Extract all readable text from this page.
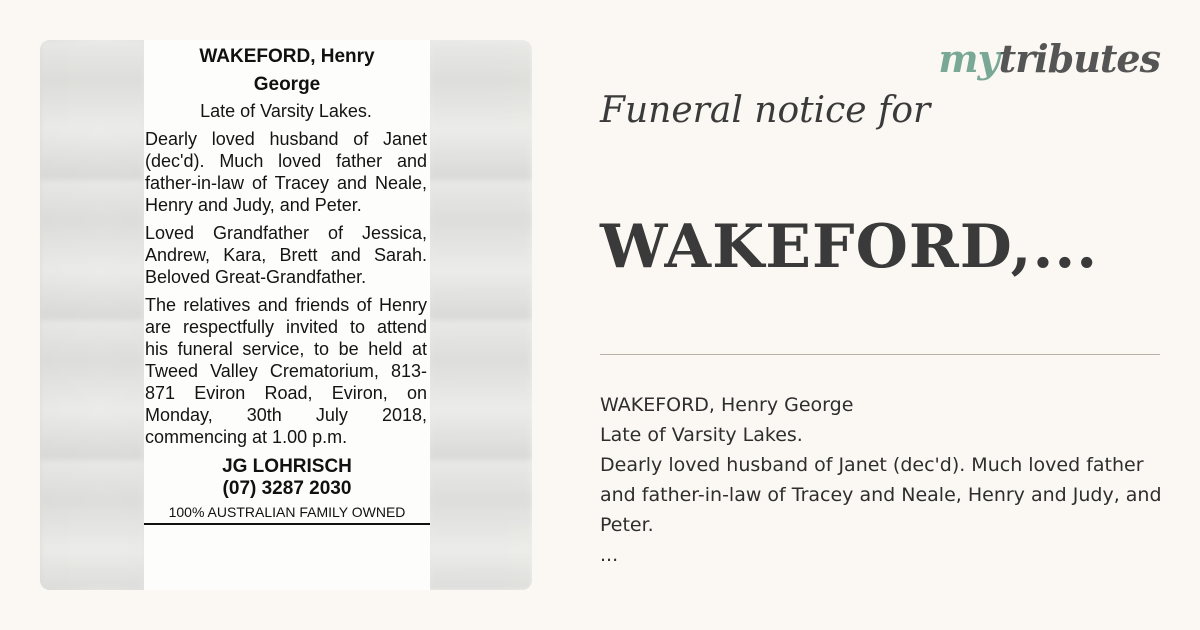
WAKEFORD, Henry
George

Late of Varsity Lakes.

Dearly loved husband of Janet (dec'd). Much loved father and father-in-law of Tracey and Neale, Henry and Judy, and Peter.

Loved Grandfather of Jessica, Andrew, Kara, Brett and Sarah. Beloved Great-Grandfather.

The relatives and friends of Henry are respectfully invited to attend his funeral service, to be held at Tweed Valley Crematorium, 813-871 Eviron Road, Eviron, on Monday, 30th July 2018, commencing at 1.00 p.m.

JG LOHRISCH
(07) 3287 2030
100% AUSTRALIAN FAMILY OWNED
mytributes
Funeral notice for
WAKEFORD,...
WAKEFORD, Henry George
Late of Varsity Lakes.
Dearly loved husband of Janet (dec'd). Much loved father and father-in-law of Tracey and Neale, Henry and Judy, and Peter.
...
